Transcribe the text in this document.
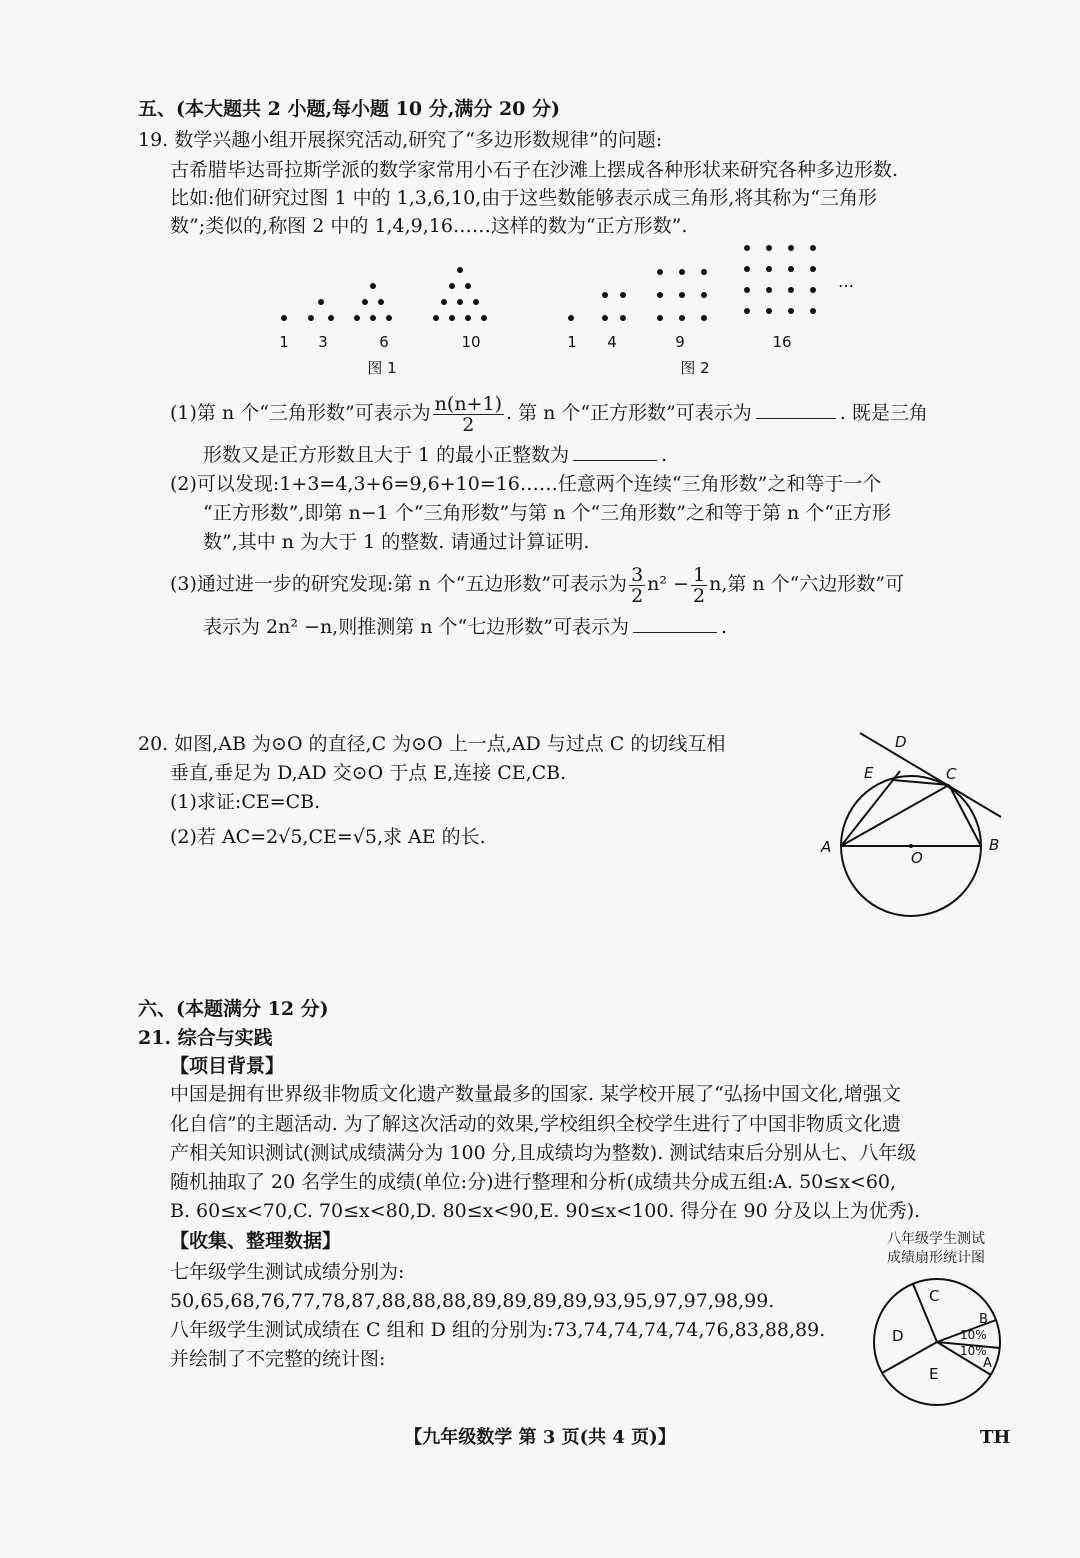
五、(本大题共 2 小题,每小题 10 分,满分 20 分)
19. 数学兴趣小组开展探究活动,研究了“多边形数规律”的问题:
古希腊毕达哥拉斯学派的数学家常用小石子在沙滩上摆成各种形状来研究各种多边形数.
比如:他们研究过图 1 中的 1,3,6,10,由于这些数能够表示成三角形,将其称为“三角形
数”;类似的,称图 2 中的 1,4,9,16……这样的数为“正方形数”.
…
1 3	6	10
图 1
1 4	9	16
图 2
(1)第 n 个“三角形数”可表示为 $\frac{n(n+1)}{2}$ . 第 n 个“正方形数”可表示为	. 既是三角
形数又是正方形数且大于 1 的最小正整数为	.
(2)可以发现:1+3=4,3+6=9,6+10=16……任意两个连续“三角形数”之和等于一个
“正方形数”,即第 n−1 个“三角形数”与第 n 个“三角形数”之和等于第 n 个“正方形
数”,其中 n 为大于 1 的整数. 请通过计算证明.
(3)通过进一步的研究发现:第 n 个“五边形数”可表示为 $\frac{3}{2} n^2 - \frac{1}{2} n$,第 n 个“六边形数”可
表示为 2n² −n,则推测第 n 个“七边形数”可表示为	.
20. 如图,AB 为⊙O 的直径,C 为⊙O 上一点,AD 与过点 C 的切线互相
垂直,垂足为 D,AD 交⊙O 于点 E,连接 CE,CB.
(1)求证:CE=CB.
(2)若 AC=2√5,CE=√5,求 AE 的长.
D
E	C
A	B
O
六、(本题满分 12 分)
21. 综合与实践
【项目背景】
中国是拥有世界级非物质文化遗产数量最多的国家. 某学校开展了“弘扬中国文化,增强文
化自信”的主题活动. 为了解这次活动的效果,学校组织全校学生进行了中国非物质文化遗
产相关知识测试(测试成绩满分为 100 分,且成绩均为整数). 测试结束后分别从七、八年级
随机抽取了 20 名学生的成绩(单位:分)进行整理和分析(成绩共分成五组:A. 50≤x<60,
B. 60≤x<70,C. 70≤x<80,D. 80≤x<90,E. 90≤x<100. 得分在 90 分及以上为优秀).
【收集、整理数据】
七年级学生测试成绩分别为:
50,65,68,76,77,78,87,88,88,88,89,89,89,89,93,95,97,97,98,99.
八年级学生测试成绩在 C 组和 D 组的分别为:73,74,74,74,74,76,83,88,89.
并绘制了不完整的统计图:
八年级学生测试
成绩扇形统计图
C
B
10%
10%
A
D
E
【九年级数学 第 3 页(共 4 页)】	TH
